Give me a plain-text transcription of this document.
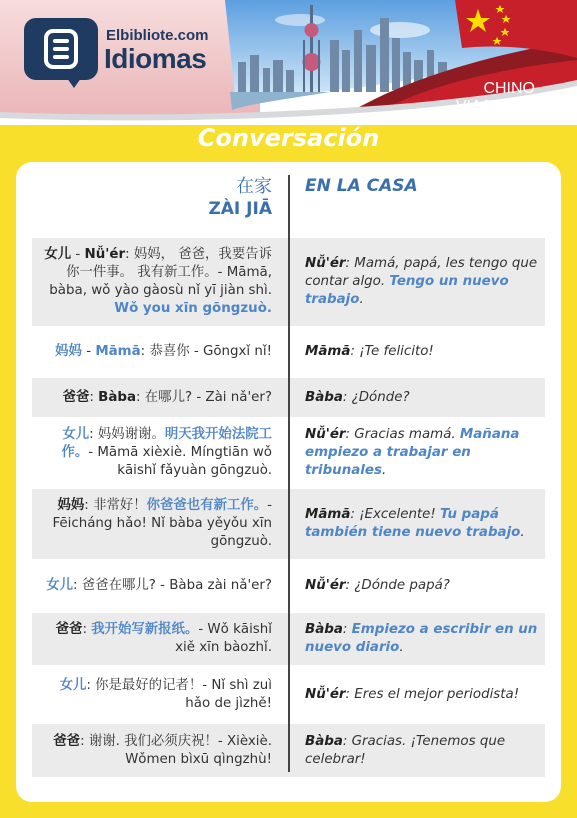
Elbibliote.com
Idiomas
CHINO
VIAJEROS
Conversación
在家
ZÀI JIĀ
EN LA CASA
女儿 - Nǚ'ér: 妈妈， 爸爸，我要告诉你一件事。 我有新工作。- Māmā, bàba, wǒ yào gàosù nǐ yī jiàn shì. Wǒ you xīn gōngzuò.
Nǚ'ér: Mamá, papá, les tengo que contar algo. Tengo un nuevo trabajo.
妈妈 - Māmā: 恭喜你 - Gōngxǐ nǐ! Māmā: ¡Te felicito!
爸爸: Bàba: 在哪儿? - Zài nǎ'er? Bàba: ¿Dónde?
女儿: 妈妈谢谢。明天我开始法院工作。- Māmā xièxiè. Míngtiān wǒ kāishǐ fǎyuàn gōngzuò.
Nǚ'ér: Gracias mamá. Mañana empiezo a trabajar en tribunales.
妈妈: 非常好！你爸爸也有新工作。- Fēicháng hǎo! Nǐ bàba yěyǒu xīn gōngzuò.
Māmā: ¡Excelente! Tu papá también tiene nuevo trabajo.
女儿: 爸爸在哪儿? - Bàba zài nǎ'er? Nǚ'ér: ¿Dónde papá?
爸爸: 我开始写新报纸。- Wǒ kāishǐ xiě xīn bàozhǐ.
Bàba: Empiezo a escribir en un nuevo diario.
女儿: 你是最好的记者！- Nǐ shì zuì hǎo de jìzhě!
Nǚ'ér: Eres el mejor periodista!
爸爸: 谢谢. 我们必须庆祝！- Xièxiè. Wǒmen bìxū qìngzhù!
Bàba: Gracias. ¡Tenemos que celebrar!
